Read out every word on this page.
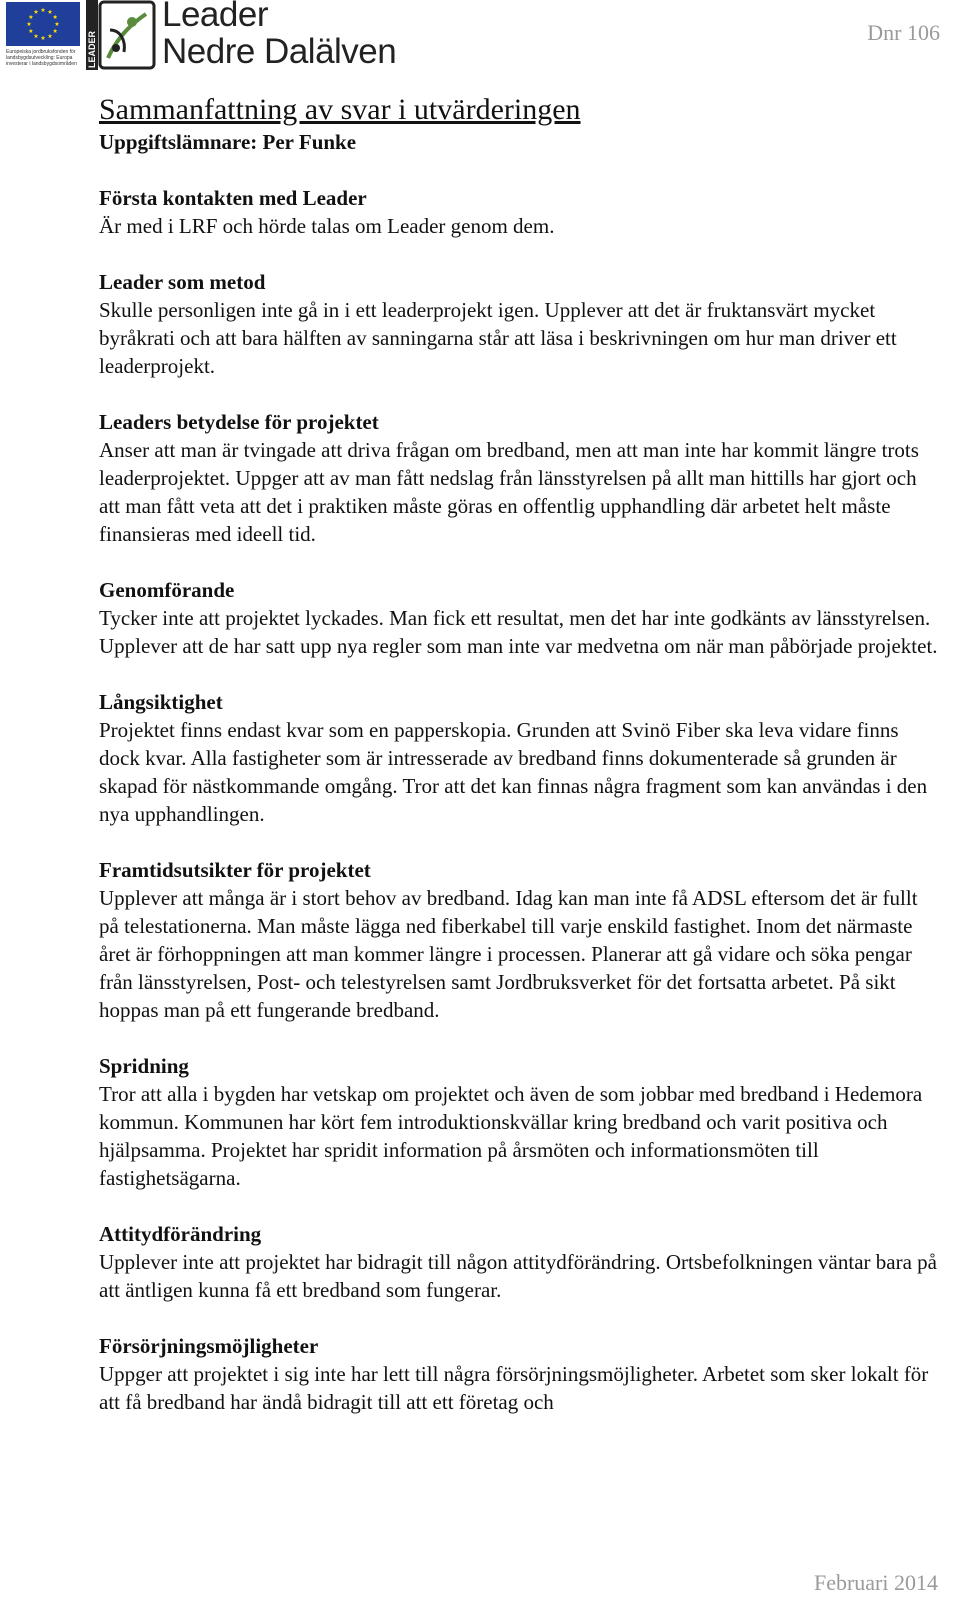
Europeiska jordbruksfonden för landsbygdsutveckling: Europa investerar i landsbygdsområden	LEADER
Leader
Nedre Dalälven	Dnr 106
Sammanfattning av svar i utvärderingen
Uppgiftslämnare: Per Funke
Första kontakten med Leader

Är med i LRF och hörde talas om Leader genom dem.

Leader som metod

Skulle personligen inte gå in i ett leaderprojekt igen. Upplever att det är fruktansvärt mycket byråkrati och att bara hälften av sanningarna står att läsa i beskrivningen om hur man driver ett leaderprojekt.

Leaders betydelse för projektet

Anser att man är tvingade att driva frågan om bredband, men att man inte har kommit längre trots leaderprojektet. Uppger att av man fått nedslag från länsstyrelsen på allt man hittills har gjort och att man fått veta att det i praktiken måste göras en offentlig upphandling där arbetet helt måste finansieras med ideell tid.

Genomförande

Tycker inte att projektet lyckades. Man fick ett resultat, men det har inte godkänts av länsstyrelsen. Upplever att de har satt upp nya regler som man inte var medvetna om när man påbörjade projektet.

Långsiktighet

Projektet finns endast kvar som en papperskopia. Grunden att Svinö Fiber ska leva vidare finns dock kvar. Alla fastigheter som är intresserade av bredband finns dokumenterade så grunden är skapad för nästkommande omgång. Tror att det kan finnas några fragment som kan användas i den nya upphandlingen.

Framtidsutsikter för projektet

Upplever att många är i stort behov av bredband. Idag kan man inte få ADSL eftersom det är fullt på telestationerna. Man måste lägga ned fiberkabel till varje enskild fastighet. Inom det närmaste året är förhoppningen att man kommer längre i processen. Planerar att gå vidare och söka pengar från länsstyrelsen, Post- och telestyrelsen samt Jordbruksverket för det fortsatta arbetet. På sikt hoppas man på ett fungerande bredband.

Spridning

Tror att alla i bygden har vetskap om projektet och även de som jobbar med bredband i Hedemora kommun. Kommunen har kört fem introduktionskvällar kring bredband och varit positiva och hjälpsamma. Projektet har spridit information på årsmöten och informationsmöten till fastighetsägarna.

Attitydförändring

Upplever inte att projektet har bidragit till någon attitydförändring. Ortsbefolkningen väntar bara på att äntligen kunna få ett bredband som fungerar.

Försörjningsmöjligheter

Uppger att projektet i sig inte har lett till några försörjningsmöjligheter. Arbetet som sker lokalt för att få bredband har ändå bidragit till att ett företag och

Februari 2014
